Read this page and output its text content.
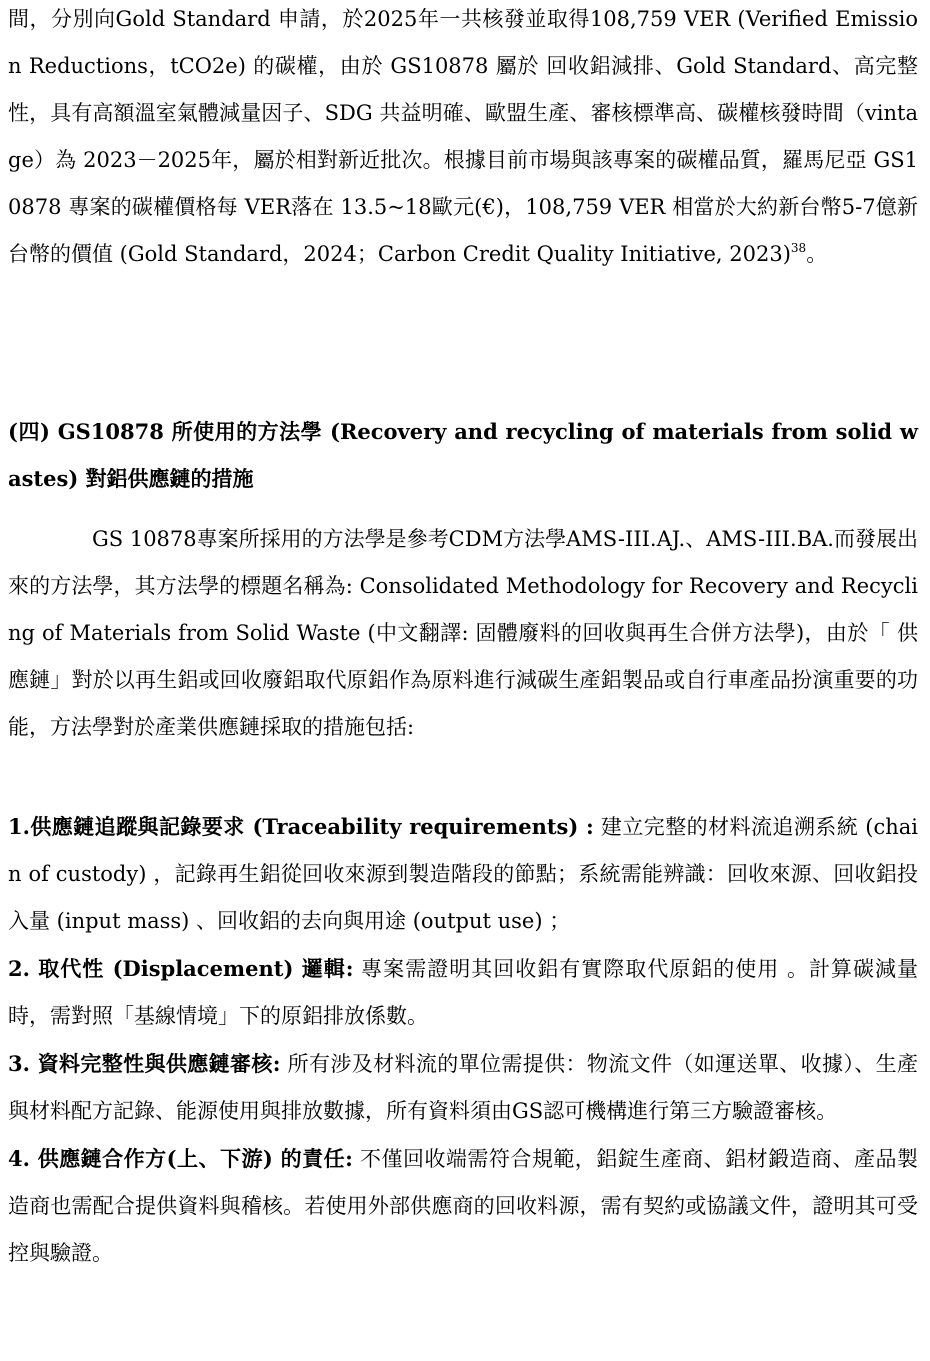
間，分別向Gold Standard 申請，於2025年一共核發並取得108,759 VER (Verified Emission Reductions，tCO2e) 的碳權，由於 GS10878 屬於 回收鋁減排、Gold Standard、高完整性，具有高額溫室氣體減量因子、SDG 共益明確、歐盟生產、審核標準高、碳權核發時間（vintage）為 2023－2025年，屬於相對新近批次。根據目前市場與該專案的碳權品質，羅馬尼亞 GS10878 專案的碳權價格每 VER落在 13.5~18歐元(€)，108,759 VER 相當於大約新台幣5-7億新台幣的價值 (Gold Standard，2024；Carbon Credit Quality Initiative, 2023)$^{38}$。

(四) GS10878 所使用的方法學 (Recovery and recycling of materials from solid wastes) 對鋁供應鏈的措施

GS 10878專案所採用的方法學是參考CDM方法學AMS-III.AJ.、AMS-III.BA.而發展出來的方法學，其方法學的標題名稱為: Consolidated Methodology for Recovery and Recycling of Materials from Solid Waste (中文翻譯: 固體廢料的回收與再生合併方法學)，由於「 供應鏈」對於以再生鋁或回收廢鋁取代原鋁作為原料進行減碳生產鋁製品或自行車產品扮演重要的功能，方法學對於產業供應鏈採取的措施包括:

1.供應鏈追蹤與記錄要求 (Traceability requirements) : 建立完整的材料流追溯系統 (chain of custody) ，記錄再生鋁從回收來源到製造階段的節點；系統需能辨識：回收來源、回收鋁投入量 (input mass) 、回收鋁的去向與用途 (output use) ；

2. 取代性 (Displacement) 邏輯: 專案需證明其回收鋁有實際取代原鋁的使用 。計算碳減量時，需對照「基線情境」下的原鋁排放係數。

3. 資料完整性與供應鏈審核: 所有涉及材料流的單位需提供：物流文件（如運送單、收據）、生產與材料配方記錄、能源使用與排放數據，所有資料須由GS認可機構進行第三方驗證審核。

4. 供應鏈合作方(上、下游) 的責任: 不僅回收端需符合規範，鋁錠生產商、鋁材鍛造商、產品製造商也需配合提供資料與稽核。若使用外部供應商的回收料源，需有契約或協議文件，證明其可受控與驗證。
